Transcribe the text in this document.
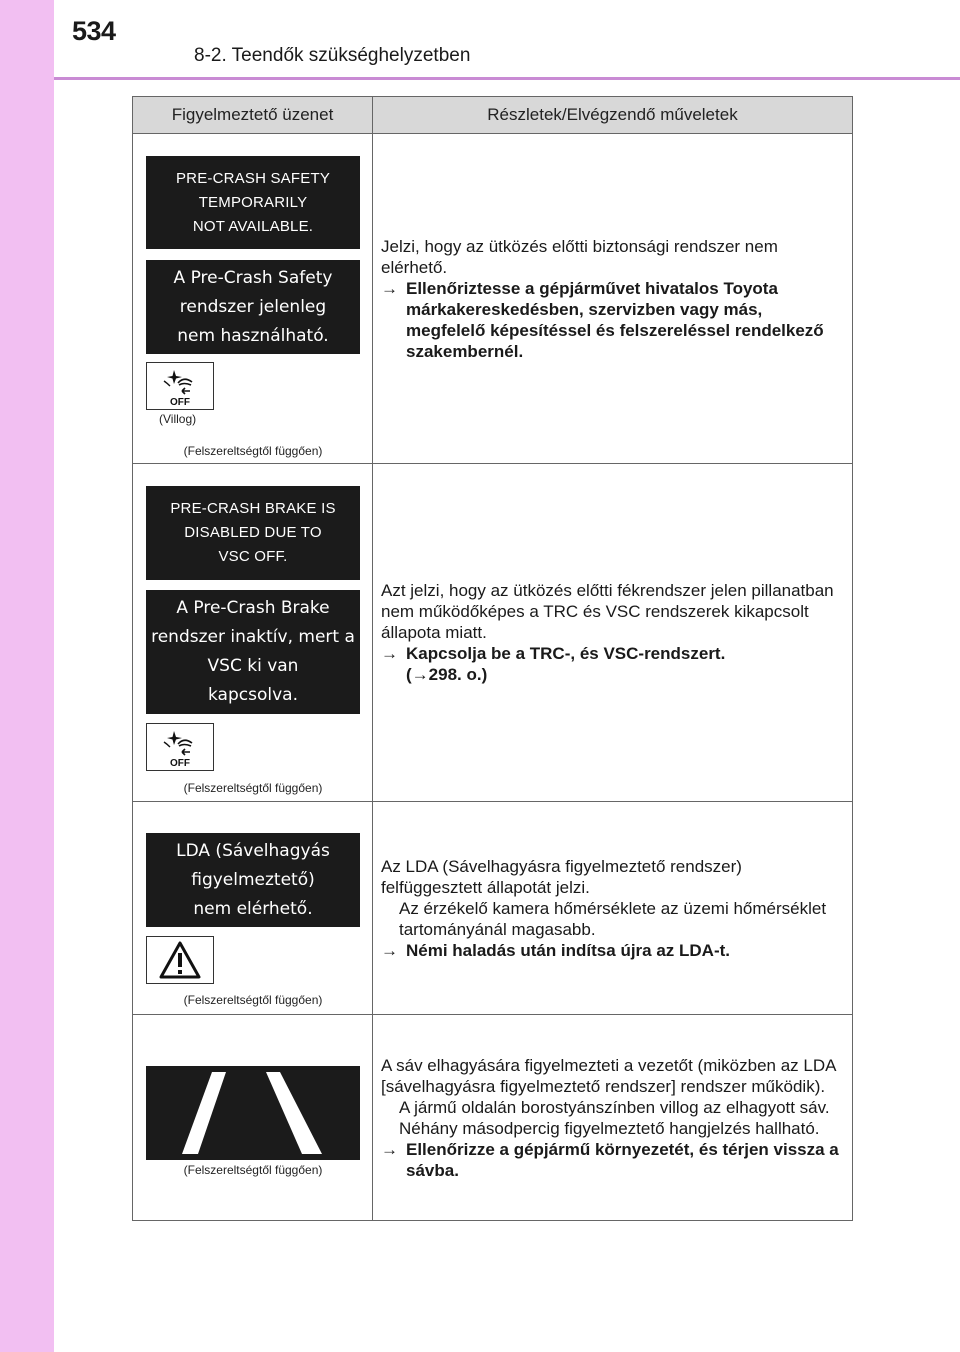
534
8-2. Teendők szükséghelyzetben
Figyelmeztető üzenet	Részletek/Elvégzendő műveletek
PRE-CRASH SAFETY
TEMPORARILY
NOT AVAILABLE.
A Pre-Crash Safety
rendszer jelenleg
nem használható.
OFF
(Villog)
(Felszereltségtől függően)
Jelzi, hogy az ütközés előtti biztonsági rendszer nem elérhető.
→ Ellenőriztesse a gépjárművet hivatalos Toyota márkakereskedésben, szervizben vagy más, megfelelő képesítéssel és felszereléssel rendelkező szakembernél.
PRE-CRASH BRAKE IS
DISABLED DUE TO
VSC OFF.
A Pre-Crash Brake
rendszer inaktív, mert a
VSC ki van
kapcsolva.
OFF
(Felszereltségtől függően)
Azt jelzi, hogy az ütközés előtti fékrendszer jelen pillanatban nem működőképes a TRC és VSC rendszerek kikapcsolt állapota miatt.
→ Kapcsolja be a TRC-, és VSC-rendszert.
(→298. o.)
LDA (Sávelhagyás
figyelmeztető)
nem elérhető.
(Felszereltségtől függően)
Az LDA (Sávelhagyásra figyelmeztető rendszer) felfüggesztett állapotát jelzi.
Az érzékelő kamera hőmérséklete az üzemi hőmérséklet tartományánál magasabb.
→ Némi haladás után indítsa újra az LDA-t.
(Felszereltségtől függően)
A sáv elhagyására figyelmezteti a vezetőt (miközben az LDA [sávelhagyásra figyelmeztető rendszer] rendszer működik).
A jármű oldalán borostyánszínben villog az elhagyott sáv.
Néhány másodpercig figyelmeztető hangjelzés hallható.
→ Ellenőrizze a gépjármű környezetét, és térjen vissza a sávba.
